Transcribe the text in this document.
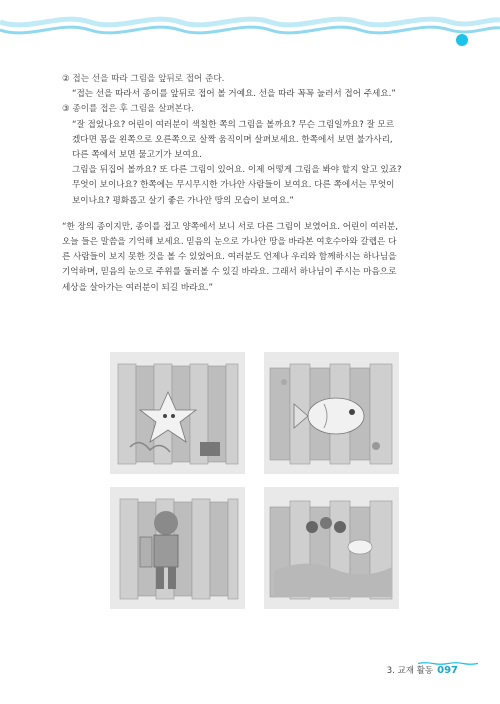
② 접는 선을 따라 그림을 앞뒤로 접어 준다.

“접는 선을 따라서 종이를 앞뒤로 접어 볼 거예요. 선을 따라 꼭꼭 눌러서 접어 주세요.”

③ 종이를 접은 후 그림을 살펴본다.

“잘 접었나요? 어린이 여러분이 색칠한 쪽의 그림을 볼까요? 무슨 그림일까요? 잘 모르

겠다면 몸을 왼쪽으로 오른쪽으로 살짝 움직이며 살펴보세요. 한쪽에서 보면 불가사리,

다른 쪽에서 보면 물고기가 보여요.

그림을 뒤집어 볼까요? 또 다른 그림이 있어요. 이제 어떻게 그림을 봐야 할지 알고 있죠?

무엇이 보이나요? 한쪽에는 무시무시한 가나안 사람들이 보여요. 다른 쪽에서는 무엇이

보이나요? 평화롭고 살기 좋은 가나안 땅의 모습이 보여요.”

“한 장의 종이지만, 종이를 접고 양쪽에서 보니 서로 다른 그림이 보였어요. 어린이 여러분,

오늘 들은 말씀을 기억해 보세요. 믿음의 눈으로 가나안 땅을 바라본 여호수아와 갈렙은 다

른 사람들이 보지 못한 것을 볼 수 있었어요. 여러분도 언제나 우리와 함께하시는 하나님을

기억하며, 믿음의 눈으로 주위를 둘러볼 수 있길 바라요. 그래서 하나님이 주시는 마음으로

세상을 살아가는 여러분이 되길 바라요.”

3. 교재 활동 097
